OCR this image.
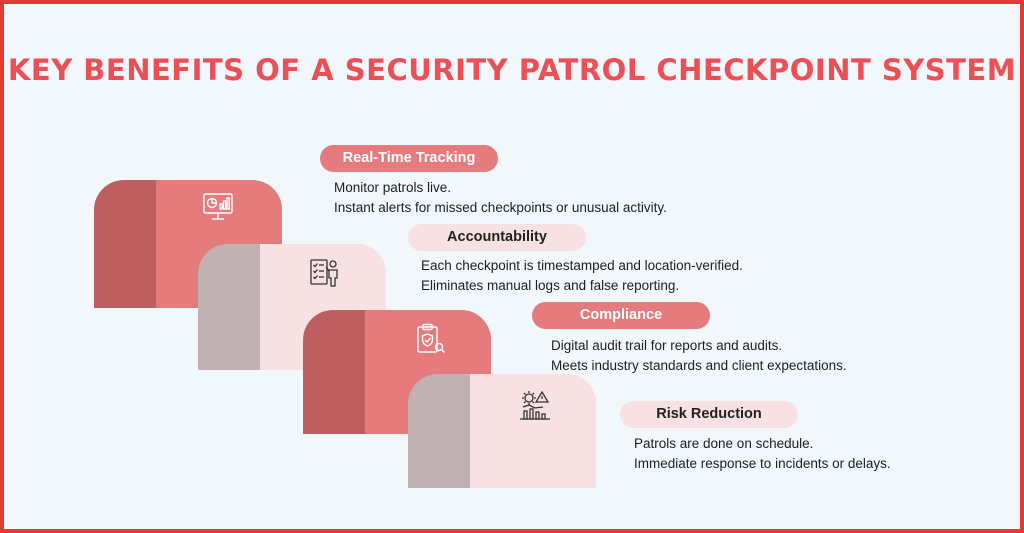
KEY BENEFITS OF A SECURITY PATROL CHECKPOINT SYSTEM
Real-Time Tracking
Monitor patrols live.
Instant alerts for missed checkpoints or unusual activity.
Accountability
Each checkpoint is timestamped and location-verified.
Eliminates manual logs and false reporting.
Compliance
Digital audit trail for reports and audits.
Meets industry standards and client expectations.
Risk Reduction
Patrols are done on schedule.
Immediate response to incidents or delays.
